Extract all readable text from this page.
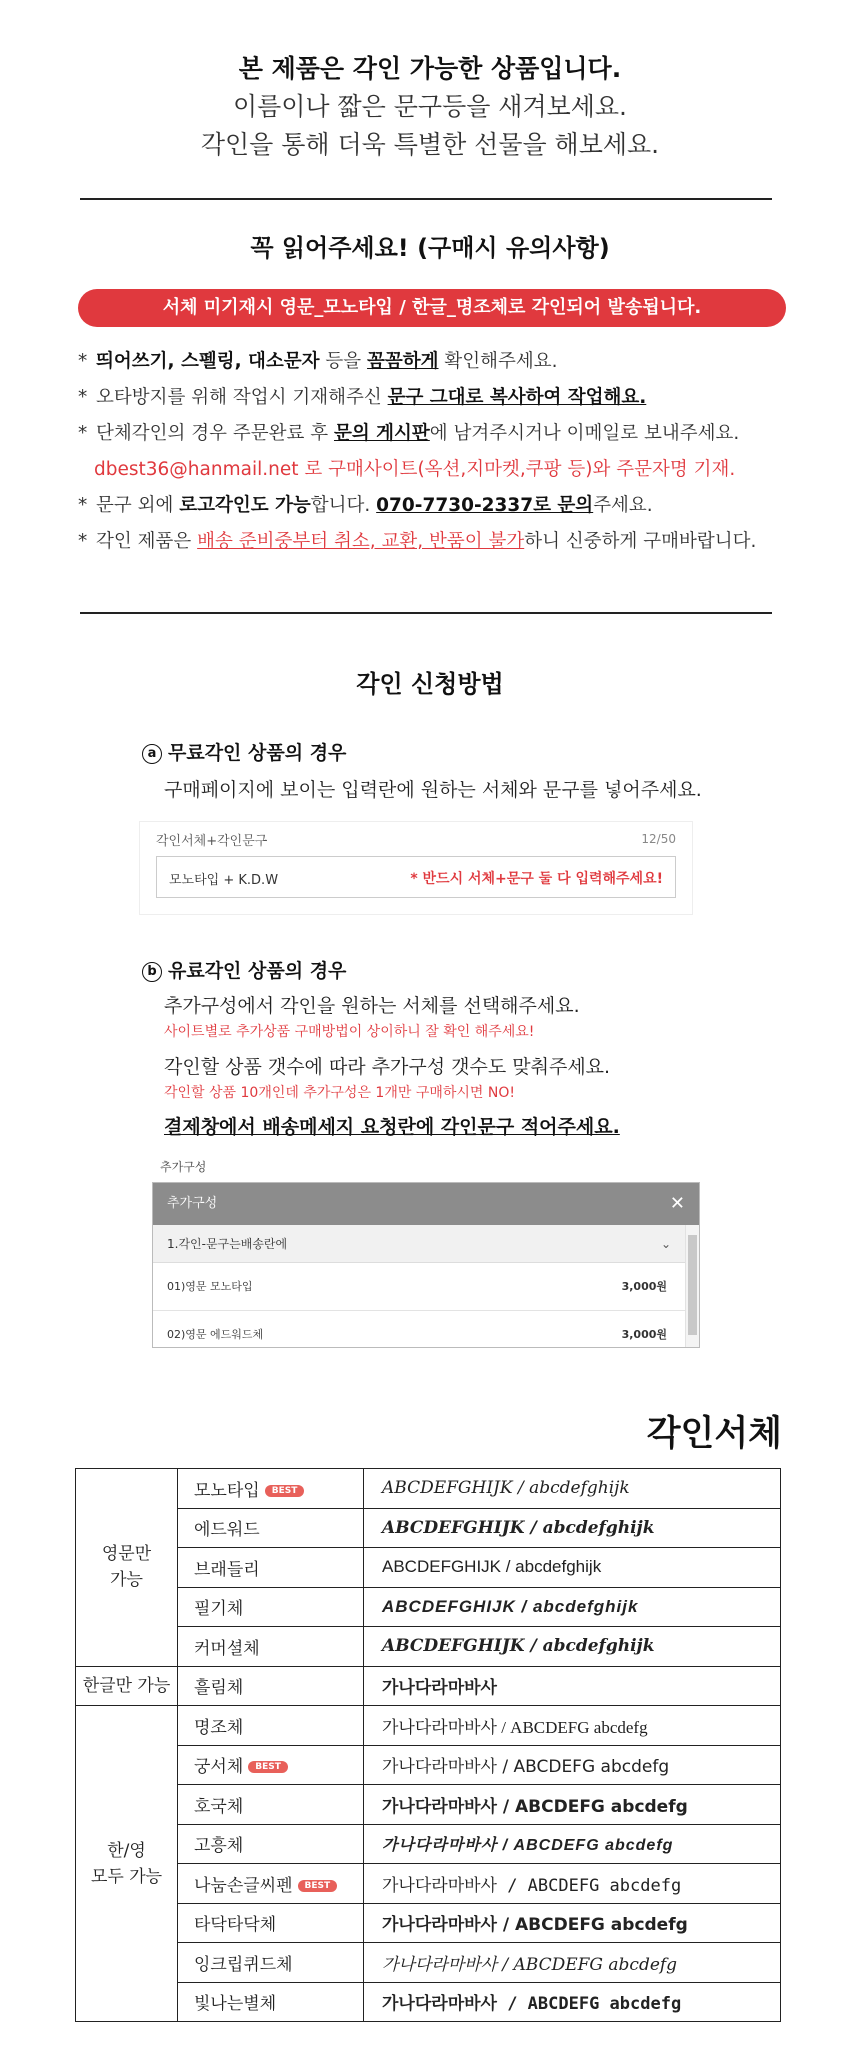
본 제품은 각인 가능한 상품입니다.
이름이나 짧은 문구등을 새겨보세요.
각인을 통해 더욱 특별한 선물을 해보세요.
꼭 읽어주세요! (구매시 유의사항)
서체 미기재시 영문_모노타입 / 한글_명조체로 각인되어 발송됩니다.
* 띄어쓰기, 스펠링, 대소문자 등을 꼼꼼하게 확인해주세요.
* 오타방지를 위해 작업시 기재해주신 문구 그대로 복사하여 작업해요.
* 단체각인의 경우 주문완료 후 문의 게시판에 남겨주시거나 이메일로 보내주세요.
dbest36@hanmail.net 로 구매사이트(옥션,지마켓,쿠팡 등)와 주문자명 기재.
* 문구 외에 로고각인도 가능합니다. 070-7730-2337로 문의주세요.
* 각인 제품은 배송 준비중부터 취소, 교환, 반품이 불가하니 신중하게 구매바랍니다.
각인 신청방법
a 무료각인 상품의 경우
구매페이지에 보이는 입력란에 원하는 서체와 문구를 넣어주세요.
각인서체+각인문구	12/50
모노타입 + K.D.W	* 반드시 서체+문구 둘 다 입력해주세요!
b 유료각인 상품의 경우
추가구성에서 각인을 원하는 서체를 선택해주세요.
사이트별로 추가상품 구매방법이 상이하니 잘 확인 해주세요!
각인할 상품 갯수에 따라 추가구성 갯수도 맞춰주세요.
각인할 상품 10개인데 추가구성은 1개만 구매하시면 NO!
결제창에서 배송메세지 요청란에 각인문구 적어주세요.
추가구성
추가구성	✕
1.각인-문구는배송란에	⌄
01)영문 모노타입	3,000원
02)영문 에드워드체	3,000원
각인서체
영문만
가능	모노타입 BEST	ABCDEFGHIJK / abcdefghijk
	에드워드	ABCDEFGHIJK / abcdefghijk
	브래들리	ABCDEFGHIJK / abcdefghijk
	필기체	ABCDEFGHIJK / abcdefghijk
	커머셜체	ABCDEFGHIJK / abcdefghijk
한글만 가능	흘림체	가나다라마바사
한/영
모두 가능	명조체	가나다라마바사 / ABCDEFG abcdefg
	궁서체 BEST	가나다라마바사 / ABCDEFG abcdefg
	호국체	가나다라마바사 / ABCDEFG abcdefg
	고흥체	가나다라마바사 / ABCDEFG abcdefg
	나눔손글씨펜 BEST	가나다라마바사 / ABCDEFG abcdefg
	타닥타닥체	가나다라마바사 / ABCDEFG abcdefg
	잉크립퀴드체	가나다라마바사 / ABCDEFG abcdefg
	빛나는별체	가나다라마바사 / ABCDEFG abcdefg
